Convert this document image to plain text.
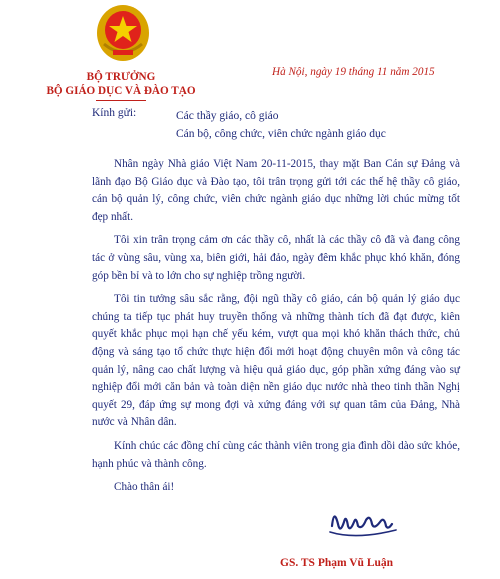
BỘ TRƯỞNG
BỘ GIÁO DỤC VÀ ĐÀO TẠO
Hà Nội, ngày 19 tháng 11 năm 2015
Kính gửi:	Các thầy giáo, cô giáo
Cán bộ, công chức, viên chức ngành giáo dục

Nhân ngày Nhà giáo Việt Nam 20-11-2015, thay mặt Ban Cán sự Đảng và lãnh đạo Bộ Giáo dục và Đào tạo, tôi trân trọng gửi tới các thế hệ thầy cô giáo, cán bộ quản lý, công chức, viên chức ngành giáo dục những lời chúc mừng tốt đẹp nhất.

Tôi xin trân trọng cảm ơn các thầy cô, nhất là các thầy cô đã và đang công tác ở vùng sâu, vùng xa, biên giới, hải đảo, ngày đêm khắc phục khó khăn, đóng góp bền bỉ và to lớn cho sự nghiệp trồng người.

Tôi tin tưởng sâu sắc rằng, đội ngũ thầy cô giáo, cán bộ quản lý giáo dục chúng ta tiếp tục phát huy truyền thống và những thành tích đã đạt được, kiên quyết khắc phục mọi hạn chế yếu kém, vượt qua mọi khó khăn thách thức, chủ động và sáng tạo tổ chức thực hiện đổi mới hoạt động chuyên môn và công tác quản lý, nâng cao chất lượng và hiệu quả giáo dục, góp phần xứng đáng vào sự nghiệp đổi mới căn bản và toàn diện nền giáo dục nước nhà theo tinh thần Nghị quyết 29, đáp ứng sự mong đợi và xứng đáng với sự quan tâm của Đảng, Nhà nước và Nhân dân.

Kính chúc các đồng chí cùng các thành viên trong gia đình dồi dào sức khỏe, hạnh phúc và thành công.

Chào thân ái!

GS. TS Phạm Vũ Luận
